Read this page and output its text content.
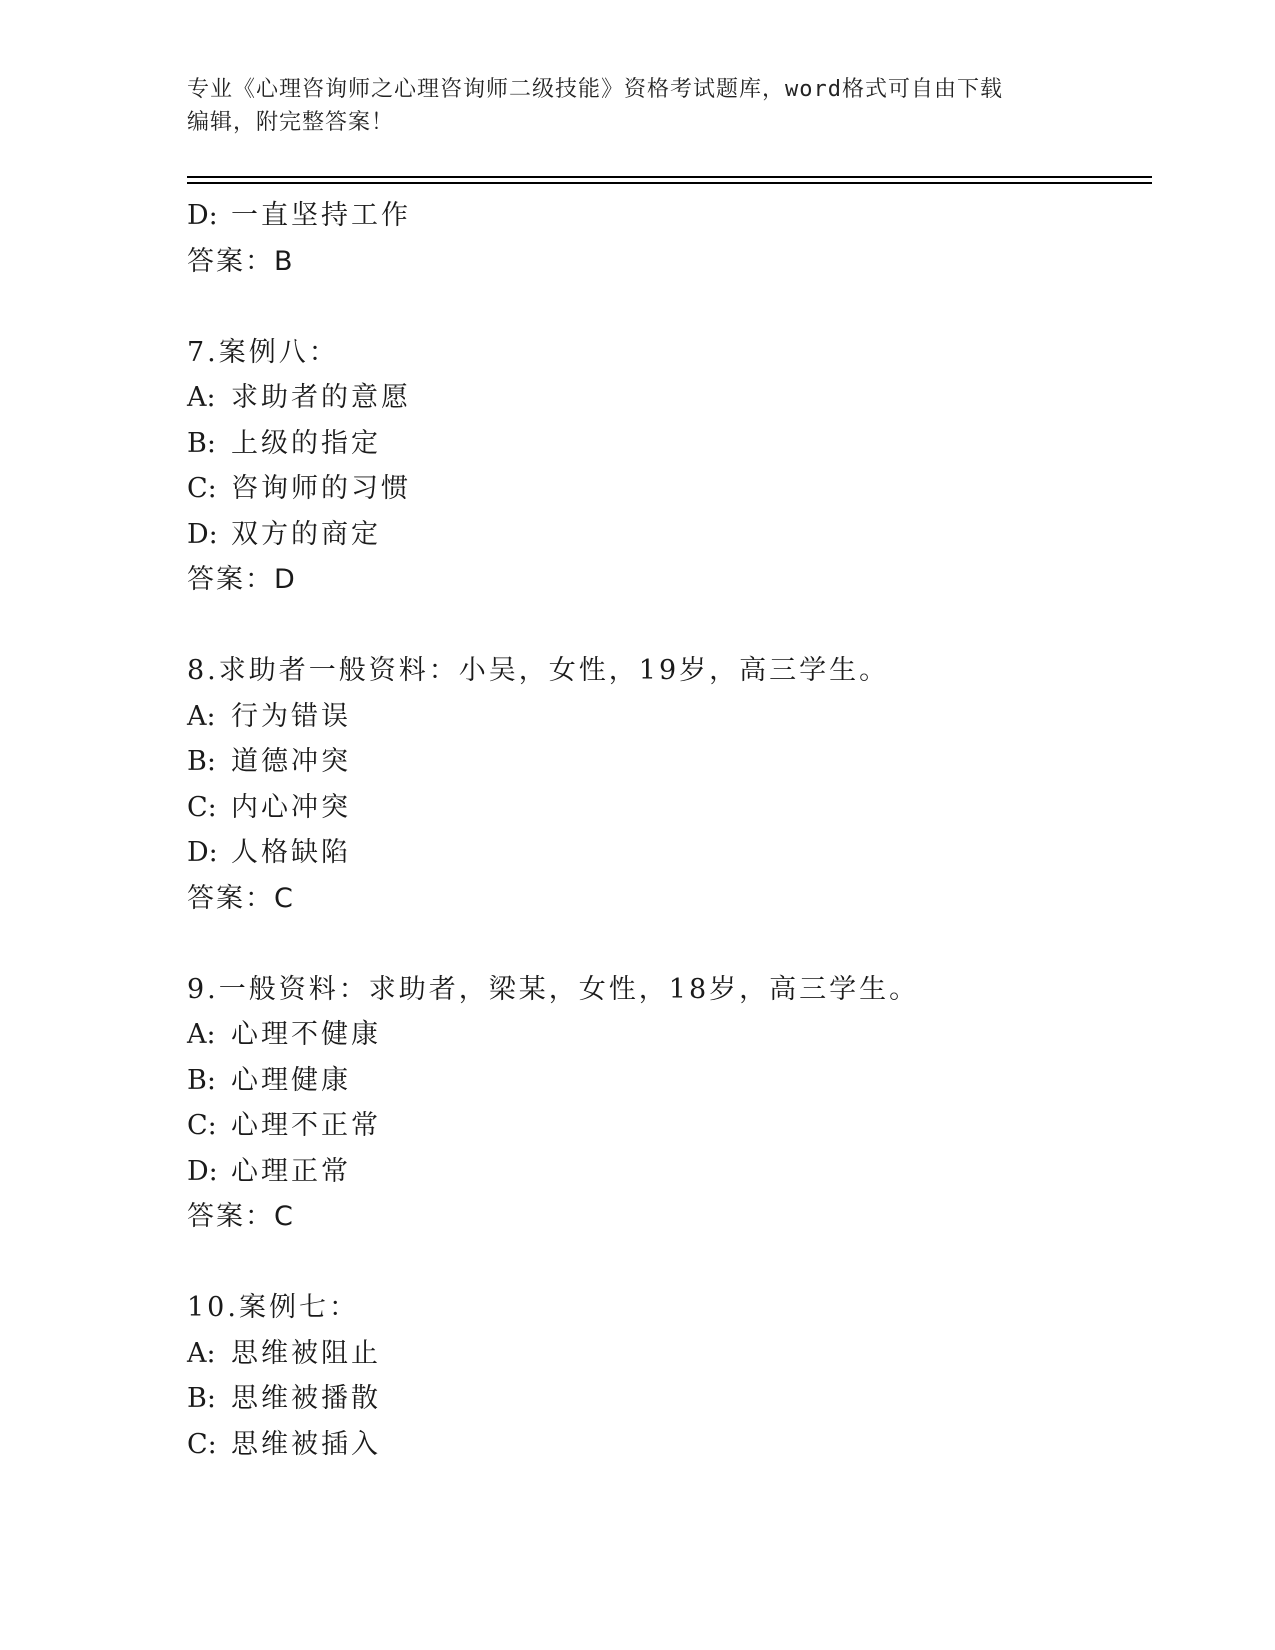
专业《心理咨询师之心理咨询师二级技能》资格考试题库，word格式可自由下载
编辑，附完整答案！
D: 一直坚持工作
答案：B
7.案例八：
A: 求助者的意愿
B: 上级的指定
C: 咨询师的习惯
D: 双方的商定
答案：D
8.求助者一般资料：小吴，女性，19岁，高三学生。
A: 行为错误
B: 道德冲突
C: 内心冲突
D: 人格缺陷
答案：C
9.一般资料：求助者，梁某，女性，18岁，高三学生。
A: 心理不健康
B: 心理健康
C: 心理不正常
D: 心理正常
答案：C
10.案例七：
A: 思维被阻止
B: 思维被播散
C: 思维被插入
